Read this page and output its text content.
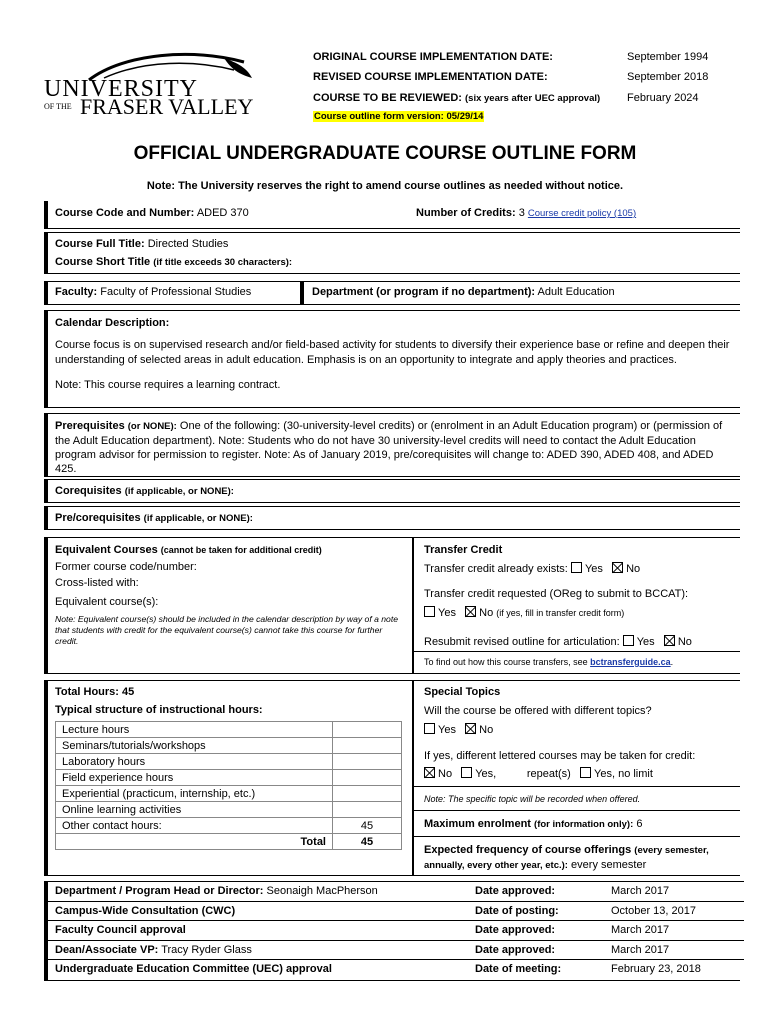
UNIVERSITY
OF THE FRASER VALLEY
ORIGINAL COURSE IMPLEMENTATION DATE:	September 1994
REVISED COURSE IMPLEMENTATION DATE:	September 2018
COURSE TO BE REVIEWED: (six years after UEC approval) February 2024
Course outline form version: 05/29/14
OFFICIAL UNDERGRADUATE COURSE OUTLINE FORM
Note: The University reserves the right to amend course outlines as needed without notice.
Course Code and Number: ADED 370	Number of Credits: 3 Course credit policy (105)
Course Full Title: Directed Studies
Course Short Title (if title exceeds 30 characters):
Faculty: Faculty of Professional Studies	Department (or program if no department): Adult Education
Calendar Description:
Course focus is on supervised research and/or field-based activity for students to diversify their experience base or refine and deepen their understanding of selected areas in adult education. Emphasis is on an opportunity to integrate and apply theories and practices.
Note: This course requires a learning contract.
Prerequisites (or NONE): One of the following: (30-university-level credits) or (enrolment in an Adult Education program) or (permission of the Adult Education department). Note: Students who do not have 30 university-level credits will need to contact the Adult Education program advisor for permission to register. Note: As of January 2019, pre/corequisites will change to: ADED 390, ADED 408, and ADED 425.
Corequisites (if applicable, or NONE):
Pre/corequisites (if applicable, or NONE):
Equivalent Courses (cannot be taken for additional credit)
Former course code/number:
Cross-listed with:
Equivalent course(s):
Note: Equivalent course(s) should be included in the calendar description by way of a note that students with credit for the equivalent course(s) cannot take this course for further credit.
Transfer Credit
Transfer credit already exists: Yes No
Transfer credit requested (OReg to submit to BCCAT):
Yes No (if yes, fill in transfer credit form)
Resubmit revised outline for articulation: Yes No
To find out how this course transfers, see bctransferguide.ca.
Total Hours: 45
Typical structure of instructional hours:
Lecture hours	
Seminars/tutorials/workshops	
Laboratory hours	
Field experience hours	
Experiential (practicum, internship, etc.)	
Online learning activities	
Other contact hours:	45
Total	45
Special Topics
Will the course be offered with different topics?
Yes No
If yes, different lettered courses may be taken for credit:
No Yes,	repeat(s) Yes, no limit
Note: The specific topic will be recorded when offered.
Maximum enrolment (for information only): 6
Expected frequency of course offerings (every semester, annually, every other year, etc.): every semester
Department / Program Head or Director: Seonaigh MacPherson	Date approved:	March 2017
Campus-Wide Consultation (CWC)	Date of posting:	October 13, 2017
Faculty Council approval	Date approved:	March 2017
Dean/Associate VP: Tracy Ryder Glass	Date approved:	March 2017
Undergraduate Education Committee (UEC) approval	Date of meeting:	February 23, 2018
